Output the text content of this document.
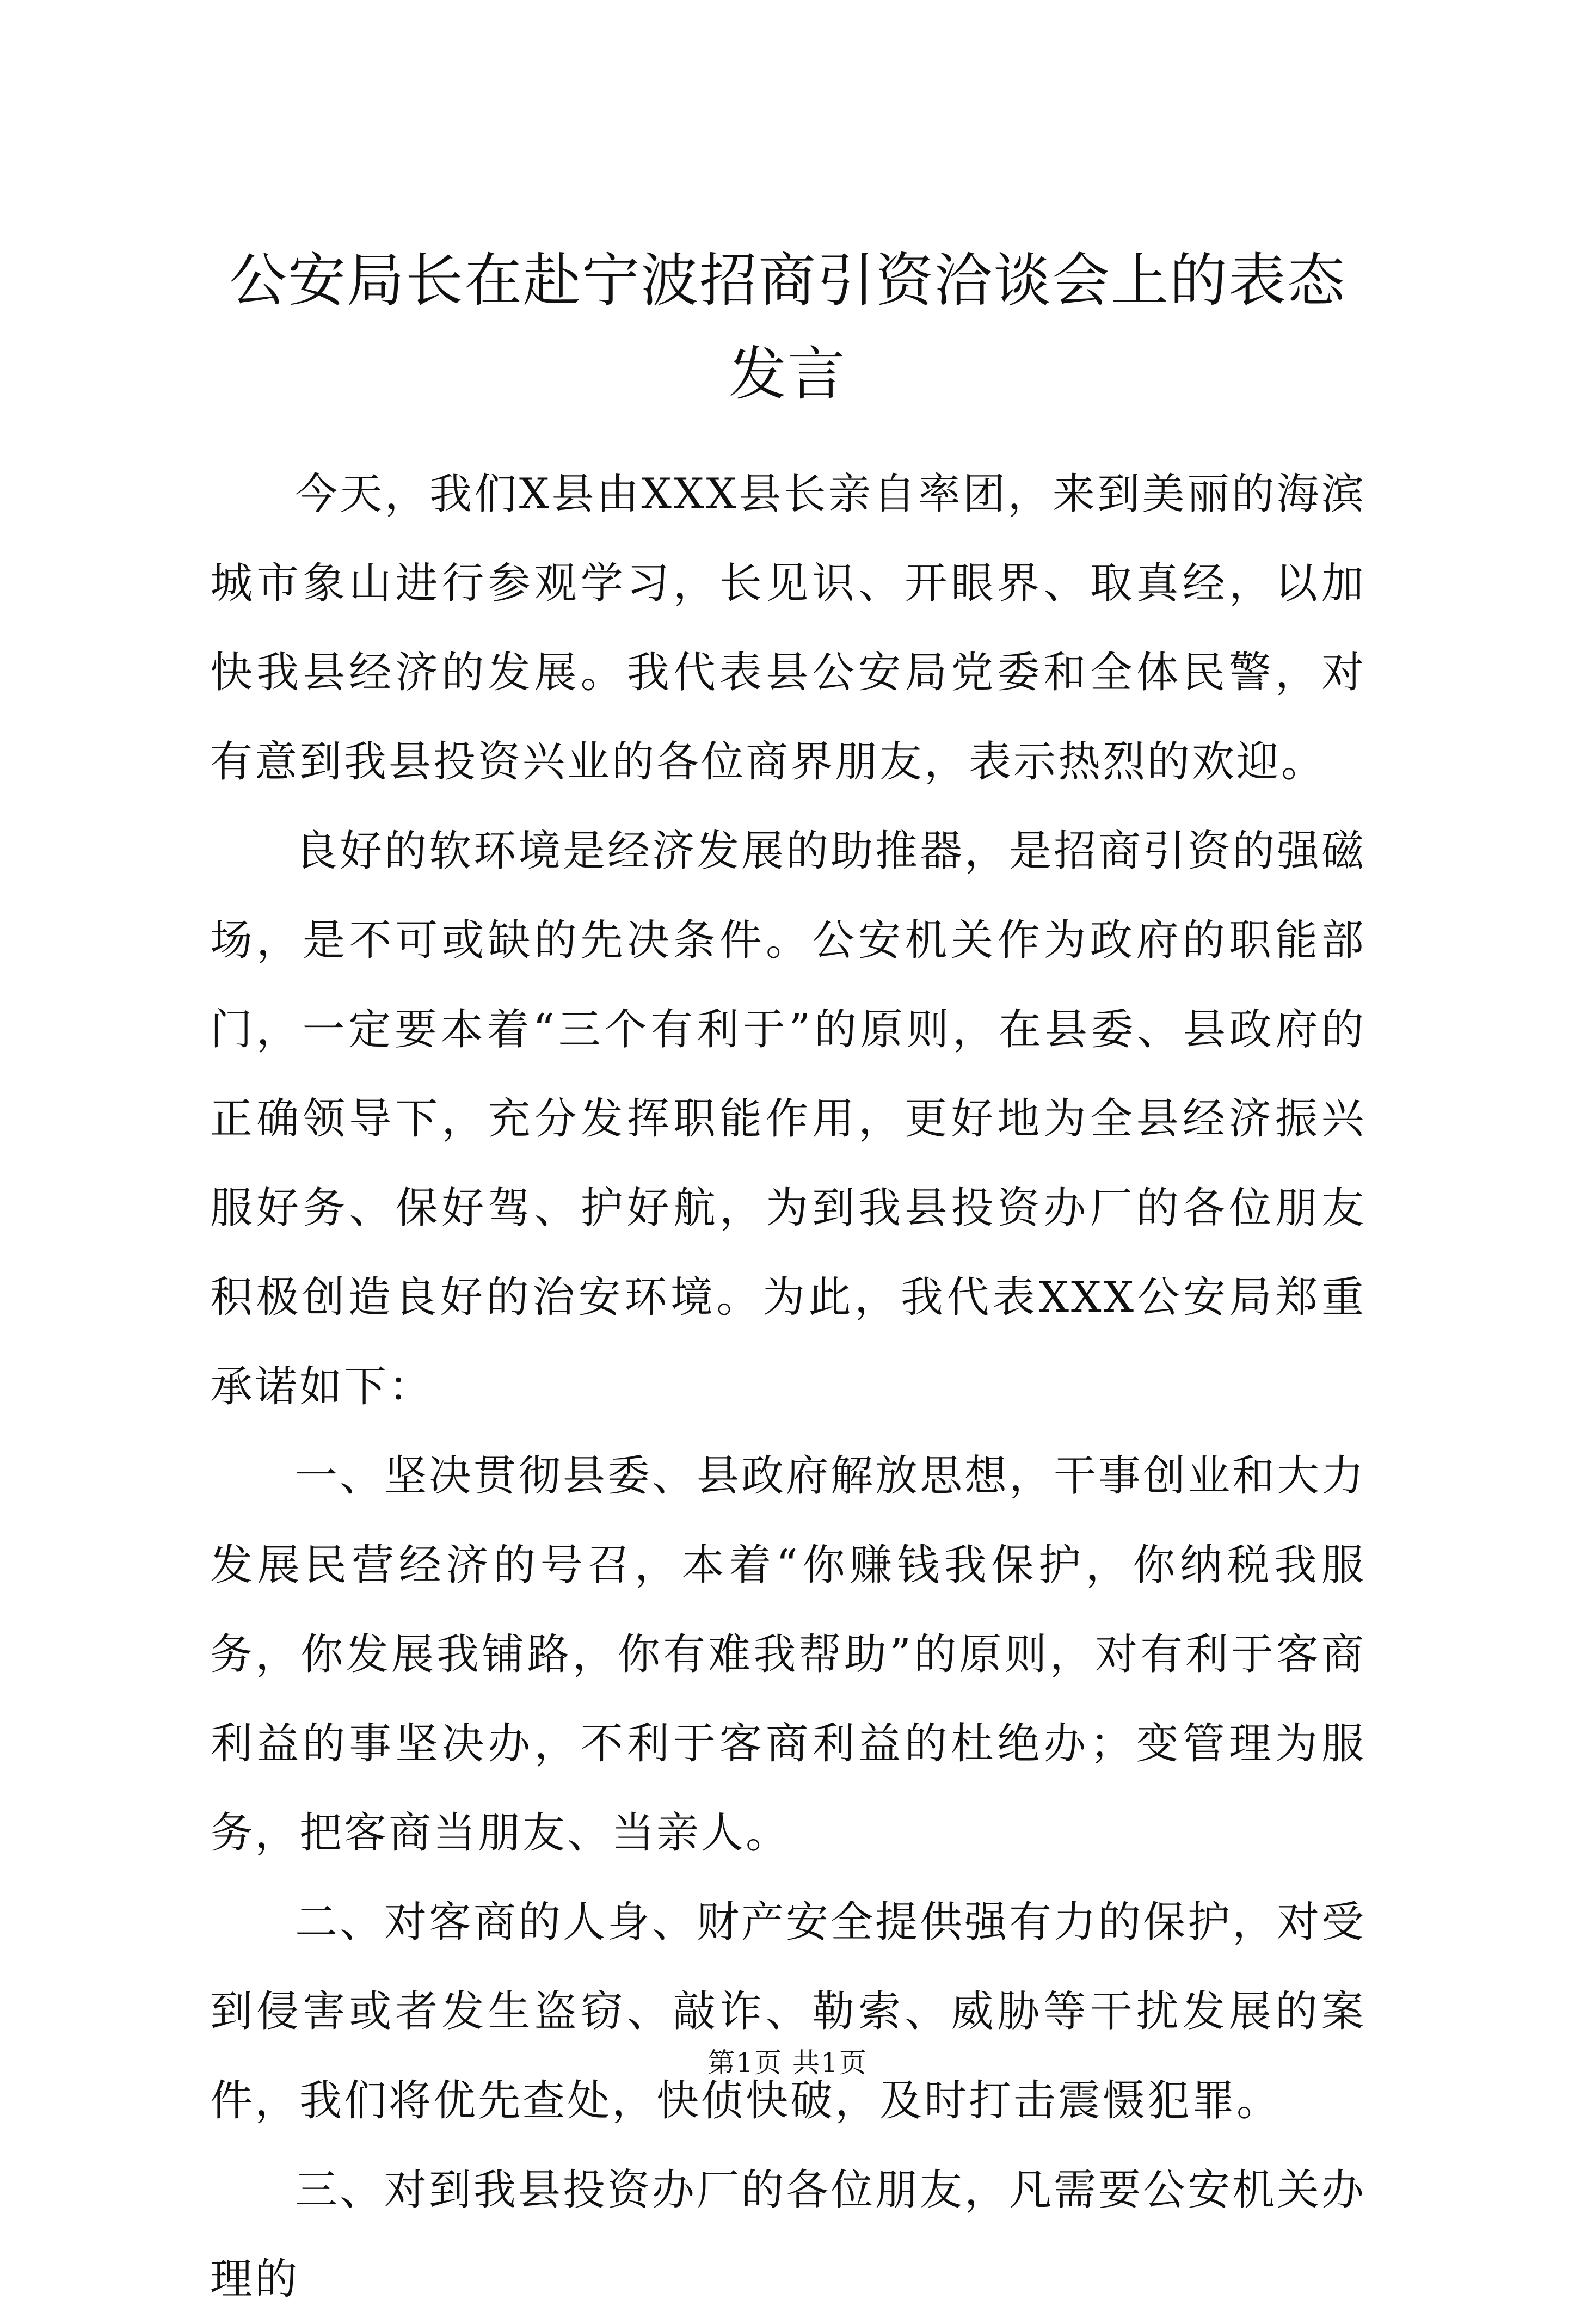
公安局长在赴宁波招商引资洽谈会上的表态发言

今天，我们X县由XXX县长亲自率团，来到美丽的海滨城市象山进行参观学习，长见识、开眼界、取真经，以加快我县经济的发展。我代表县公安局党委和全体民警，对有意到我县投资兴业的各位商界朋友，表示热烈的欢迎。

良好的软环境是经济发展的助推器，是招商引资的强磁场，是不可或缺的先决条件。公安机关作为政府的职能部门，一定要本着“三个有利于”的原则，在县委、县政府的正确领导下，充分发挥职能作用，更好地为全县经济振兴服好务、保好驾、护好航，为到我县投资办厂的各位朋友积极创造良好的治安环境。为此，我代表XXX公安局郑重承诺如下：

一、坚决贯彻县委、县政府解放思想，干事创业和大力发展民营经济的号召，本着“你赚钱我保护，你纳税我服务，你发展我铺路，你有难我帮助”的原则，对有利于客商利益的事坚决办，不利于客商利益的杜绝办；变管理为服务，把客商当朋友、当亲人。

二、对客商的人身、财产安全提供强有力的保护，对受到侵害或者发生盗窃、敲诈、勒索、威胁等干扰发展的案件，我们将优先查处，快侦快破，及时打击震慑犯罪。

三、对到我县投资办厂的各位朋友，凡需要公安机关办理的

第1页 共1页
